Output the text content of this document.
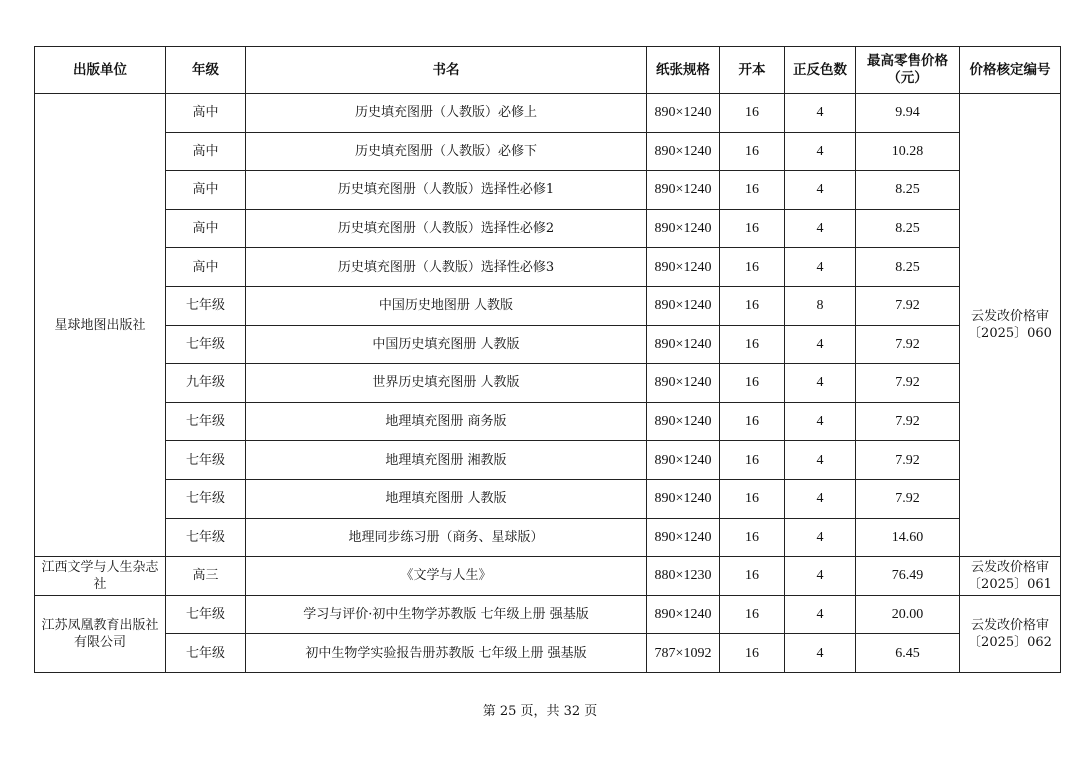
出版单位	年级	书名	纸张规格	开本	正反色数	最高零售价格（元）	价格核定编号
星球地图出版社	高中	历史填充图册（人教版）必修上	890×1240	16	4	9.94	云发改价格审〔2025〕060
	高中	历史填充图册（人教版）必修下	890×1240	16	4	10.28	
	高中	历史填充图册（人教版）选择性必修1	890×1240	16	4	8.25	
	高中	历史填充图册（人教版）选择性必修2	890×1240	16	4	8.25	
	高中	历史填充图册（人教版）选择性必修3	890×1240	16	4	8.25	
	七年级	中国历史地图册 人教版	890×1240	16	8	7.92	
	七年级	中国历史填充图册 人教版	890×1240	16	4	7.92	
	九年级	世界历史填充图册 人教版	890×1240	16	4	7.92	
	七年级	地理填充图册 商务版	890×1240	16	4	7.92	
	七年级	地理填充图册 湘教版	890×1240	16	4	7.92	
	七年级	地理填充图册 人教版	890×1240	16	4	7.92	
	七年级	地理同步练习册（商务、星球版）	890×1240	16	4	14.60	
江西文学与人生杂志社	高三	《文学与人生》	880×1230	16	4	76.49	云发改价格审〔2025〕061
江苏凤凰教育出版社有限公司	七年级	学习与评价·初中生物学苏教版 七年级上册 强基版	890×1240	16	4	20.00	云发改价格审〔2025〕062
	七年级	初中生物学实验报告册苏教版 七年级上册 强基版	787×1092	16	4	6.45	
第 25 页，共 32 页
